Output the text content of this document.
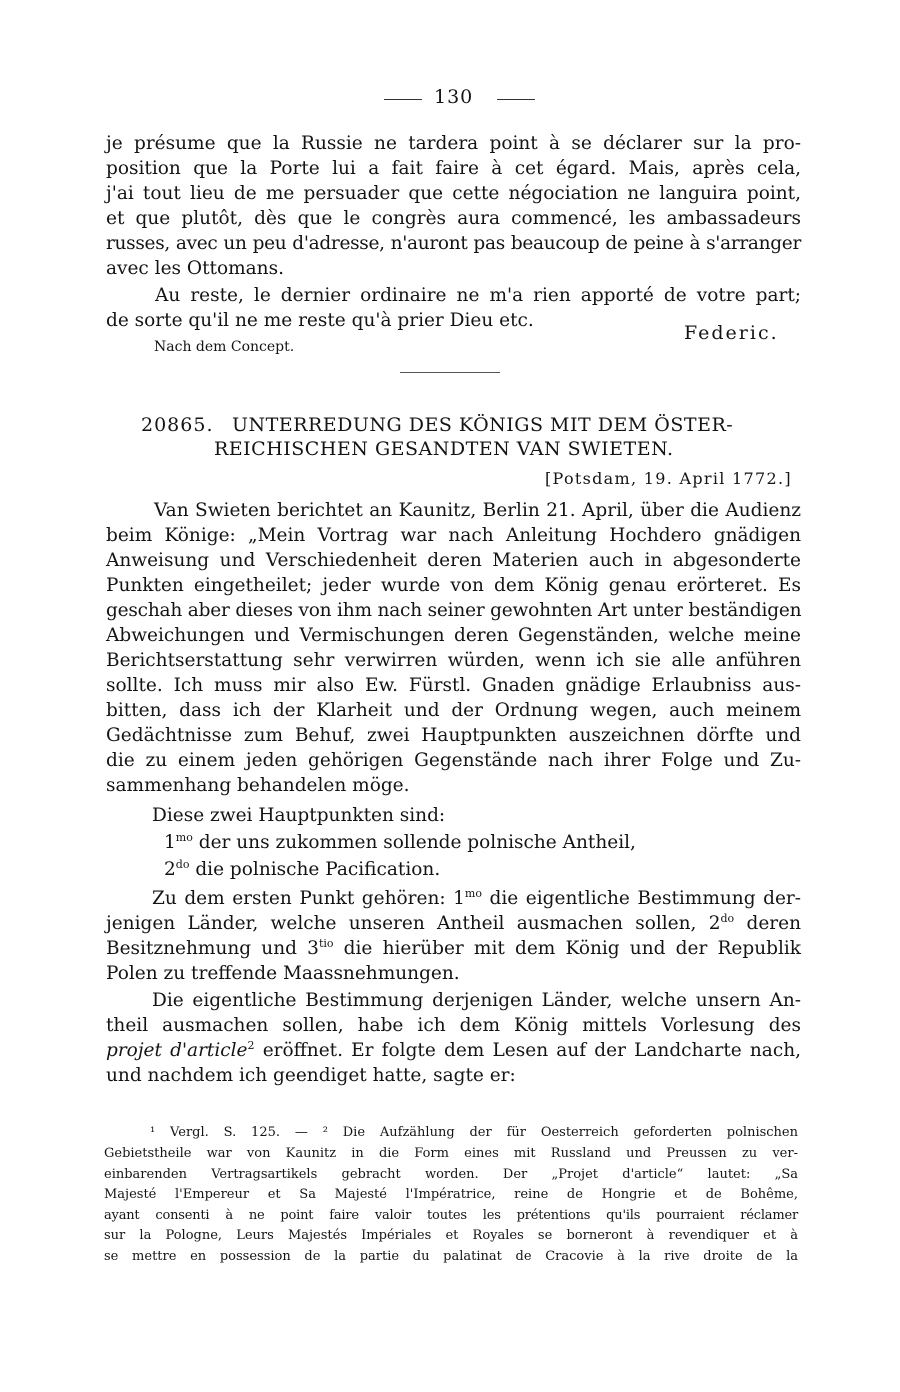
130
je présume que la Russie ne tardera point à se déclarer sur la pro-
position que la Porte lui a fait faire à cet égard. Mais, après cela,
j'ai tout lieu de me persuader que cette négociation ne languira point,
et que plutôt, dès que le congrès aura commencé, les ambassadeurs
russes, avec un peu d'adresse, n'auront pas beaucoup de peine à s'arranger
avec les Ottomans.
Au reste, le dernier ordinaire ne m'a rien apporté de votre part;
de sorte qu'il ne me reste qu'à prier Dieu etc.
Federic.
Nach dem Concept.
20865. UNTERREDUNG DES KÖNIGS MIT DEM ÖSTER-
REICHISCHEN GESANDTEN VAN SWIETEN.
[Potsdam, 19. April 1772.]
Van Swieten berichtet an Kaunitz, Berlin 21. April, über die Audienz
beim Könige: „Mein Vortrag war nach Anleitung Hochdero gnädigen
Anweisung und Verschiedenheit deren Materien auch in abgesonderte
Punkten eingetheilet; jeder wurde von dem König genau erörteret. Es
geschah aber dieses von ihm nach seiner gewohnten Art unter beständigen
Abweichungen und Vermischungen deren Gegenständen, welche meine
Berichtserstattung sehr verwirren würden, wenn ich sie alle anführen
sollte. Ich muss mir also Ew. Fürstl. Gnaden gnädige Erlaubniss aus-
bitten, dass ich der Klarheit und der Ordnung wegen, auch meinem
Gedächtnisse zum Behuf, zwei Hauptpunkten auszeichnen dörfte und
die zu einem jeden gehörigen Gegenstände nach ihrer Folge und Zu-
sammenhang behandelen möge.
Diese zwei Hauptpunkten sind:
$1^{mo}$ der uns zukommen sollende polnische Antheil,
$2^{do}$ die polnische Pacification.
Zu dem ersten Punkt gehören: $1^{mo}$ die eigentliche Bestimmung der-
jenigen Länder, welche unseren Antheil ausmachen sollen, $2^{do}$ deren
Besitznehmung und $3^{tio}$ die hierüber mit dem König und der Republik
Polen zu treffende Maassnehmungen.
Die eigentliche Bestimmung derjenigen Länder, welche unsern An-
theil ausmachen sollen, habe ich dem König mittels Vorlesung des
projet d'article$^2$ eröffnet. Er folgte dem Lesen auf der Landcharte nach,
und nachdem ich geendiget hatte, sagte er:
¹ Vergl. S. 125. — ² Die Aufzählung der für Oesterreich geforderten polnischen
Gebietstheile war von Kaunitz in die Form eines mit Russland und Preussen zu ver-
einbarenden Vertragsartikels gebracht worden. Der „Projet d'article“ lautet: „Sa
Majesté l'Empereur et Sa Majesté l'Impératrice, reine de Hongrie et de Bohême,
ayant consenti à ne point faire valoir toutes les prétentions qu'ils pourraient réclamer
sur la Pologne, Leurs Majestés Impériales et Royales se borneront à revendiquer et à
se mettre en possession de la partie du palatinat de Cracovie à la rive droite de la
